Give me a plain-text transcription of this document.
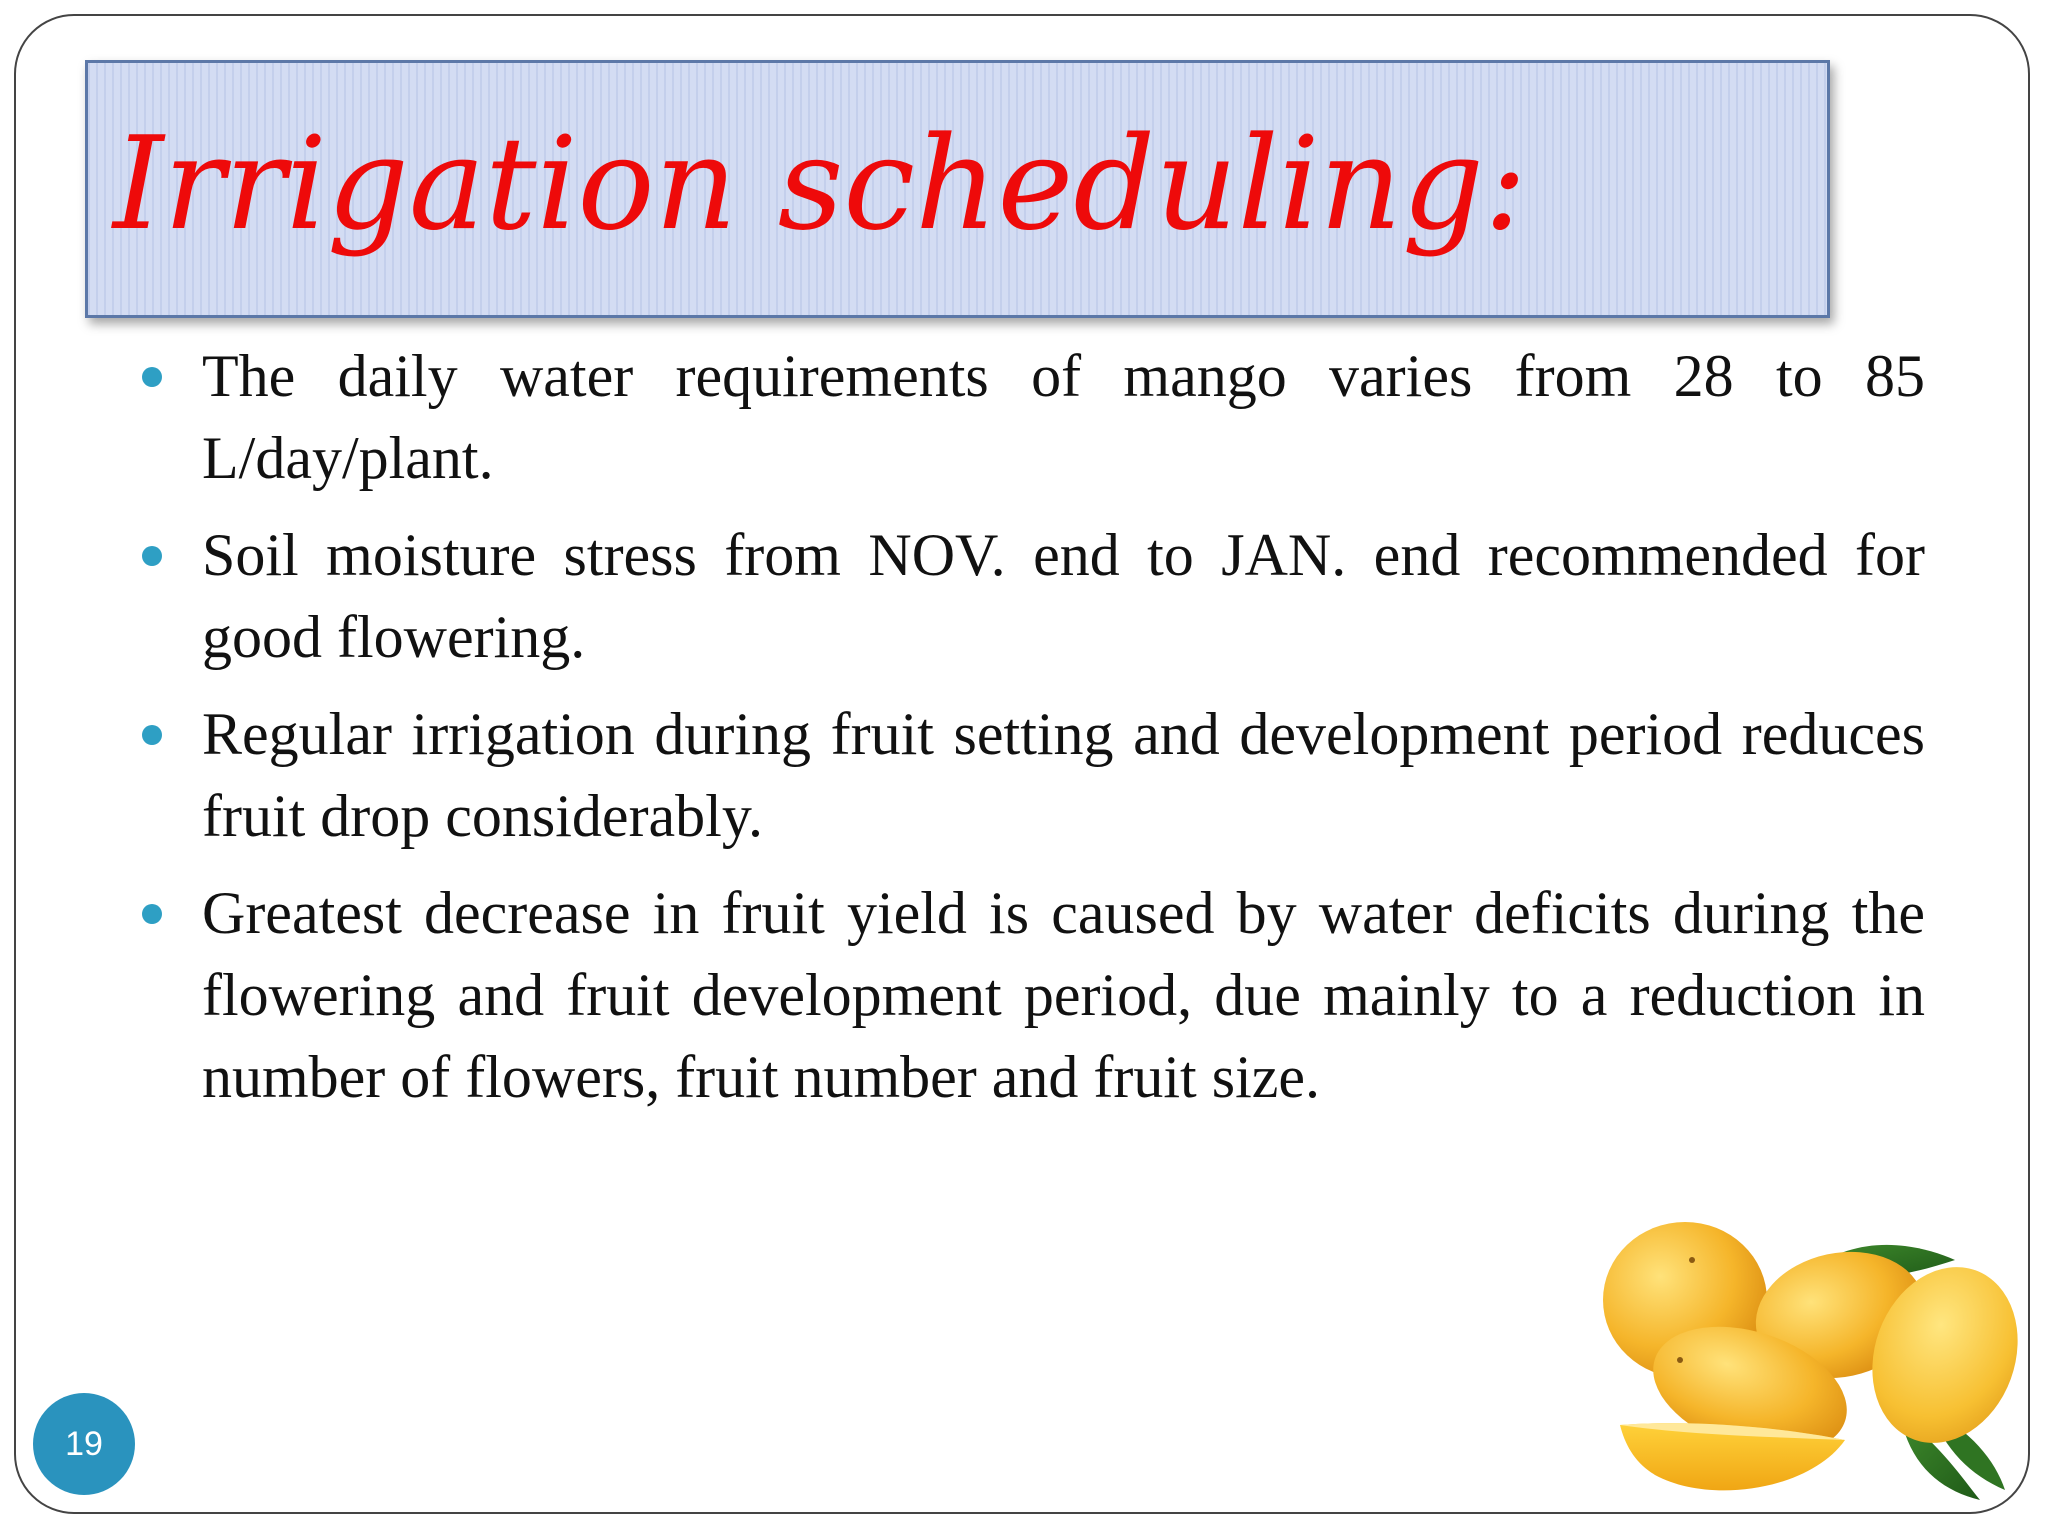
Irrigation scheduling:
The daily water requirements of mango varies from 28 to 85 L/day/plant.
Soil moisture stress from NOV. end to JAN. end recommended for good flowering.
Regular irrigation during fruit setting and development period reduces fruit drop considerably.
Greatest decrease in fruit yield is caused by water deficits during the flowering and fruit development period, due mainly to a reduction in number of flowers, fruit number and fruit size.
19
